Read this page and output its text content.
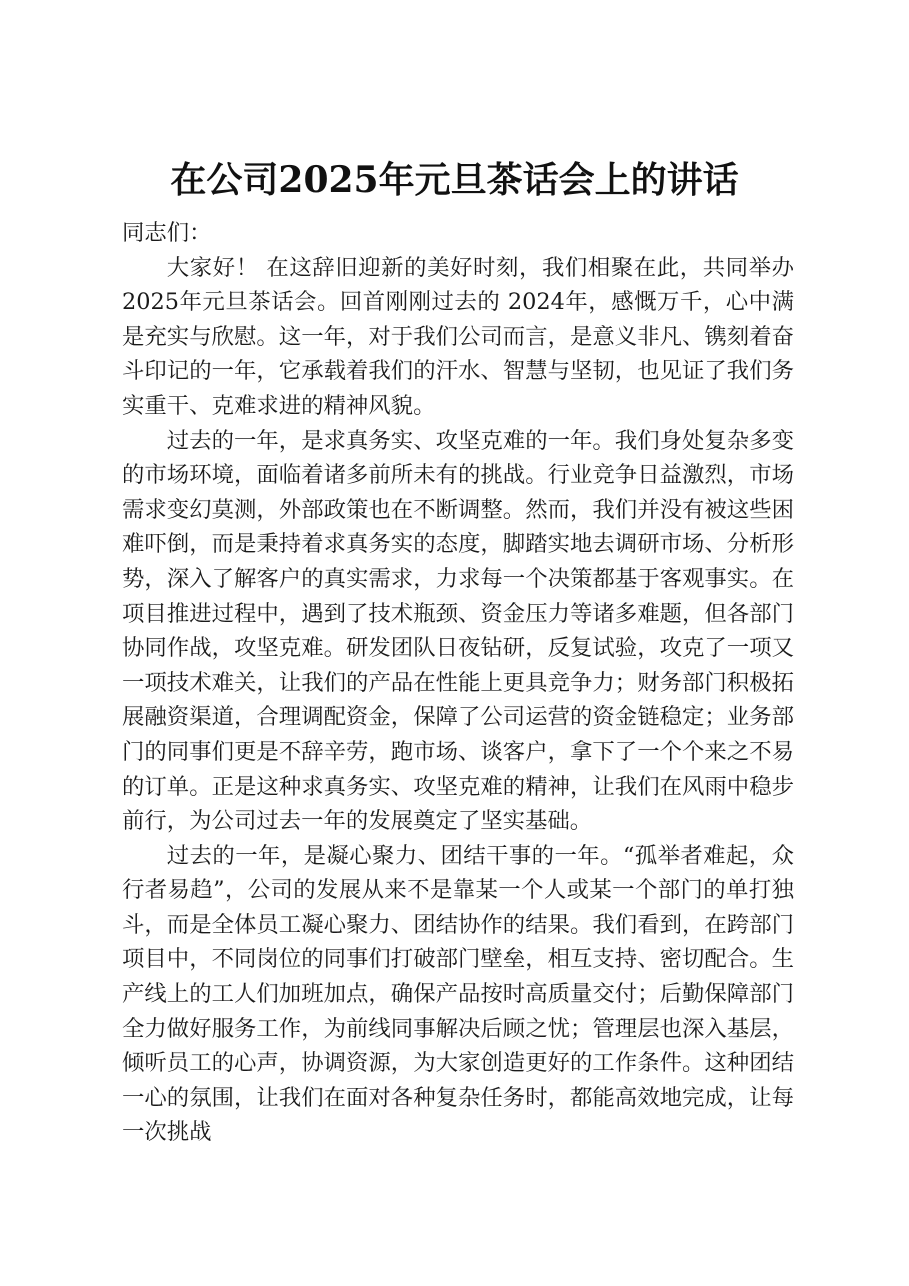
在公司2025年元旦茶话会上的讲话

同志们：

大家好！ 在这辞旧迎新的美好时刻，我们相聚在此，共同举办 2025年元旦茶话会。回首刚刚过去的 2024年，感慨万千，心中满是充实与欣慰。这一年，对于我们公司而言，是意义非凡、镌刻着奋斗印记的一年，它承载着我们的汗水、智慧与坚韧，也见证了我们务实重干、克难求进的精神风貌。

过去的一年，是求真务实、攻坚克难的一年。我们身处复杂多变的市场环境，面临着诸多前所未有的挑战。行业竞争日益激烈，市场需求变幻莫测，外部政策也在不断调整。然而，我们并没有被这些困难吓倒，而是秉持着求真务实的态度，脚踏实地去调研市场、分析形势，深入了解客户的真实需求，力求每一个决策都基于客观事实。在项目推进过程中，遇到了技术瓶颈、资金压力等诸多难题，但各部门协同作战，攻坚克难。研发团队日夜钻研，反复试验，攻克了一项又一项技术难关，让我们的产品在性能上更具竞争力；财务部门积极拓展融资渠道，合理调配资金，保障了公司运营的资金链稳定；业务部门的同事们更是不辞辛劳，跑市场、谈客户，拿下了一个个来之不易的订单。正是这种求真务实、攻坚克难的精神，让我们在风雨中稳步前行，为公司过去一年的发展奠定了坚实基础。

过去的一年，是凝心聚力、团结干事的一年。“孤举者难起，众行者易趋”，公司的发展从来不是靠某一个人或某一个部门的单打独斗，而是全体员工凝心聚力、团结协作的结果。我们看到，在跨部门项目中，不同岗位的同事们打破部门壁垒，相互支持、密切配合。生产线上的工人们加班加点，确保产品按时高质量交付；后勤保障部门全力做好服务工作，为前线同事解决后顾之忧；管理层也深入基层，倾听员工的心声，协调资源，为大家创造更好的工作条件。这种团结一心的氛围，让我们在面对各种复杂任务时，都能高效地完成，让每一次挑战
